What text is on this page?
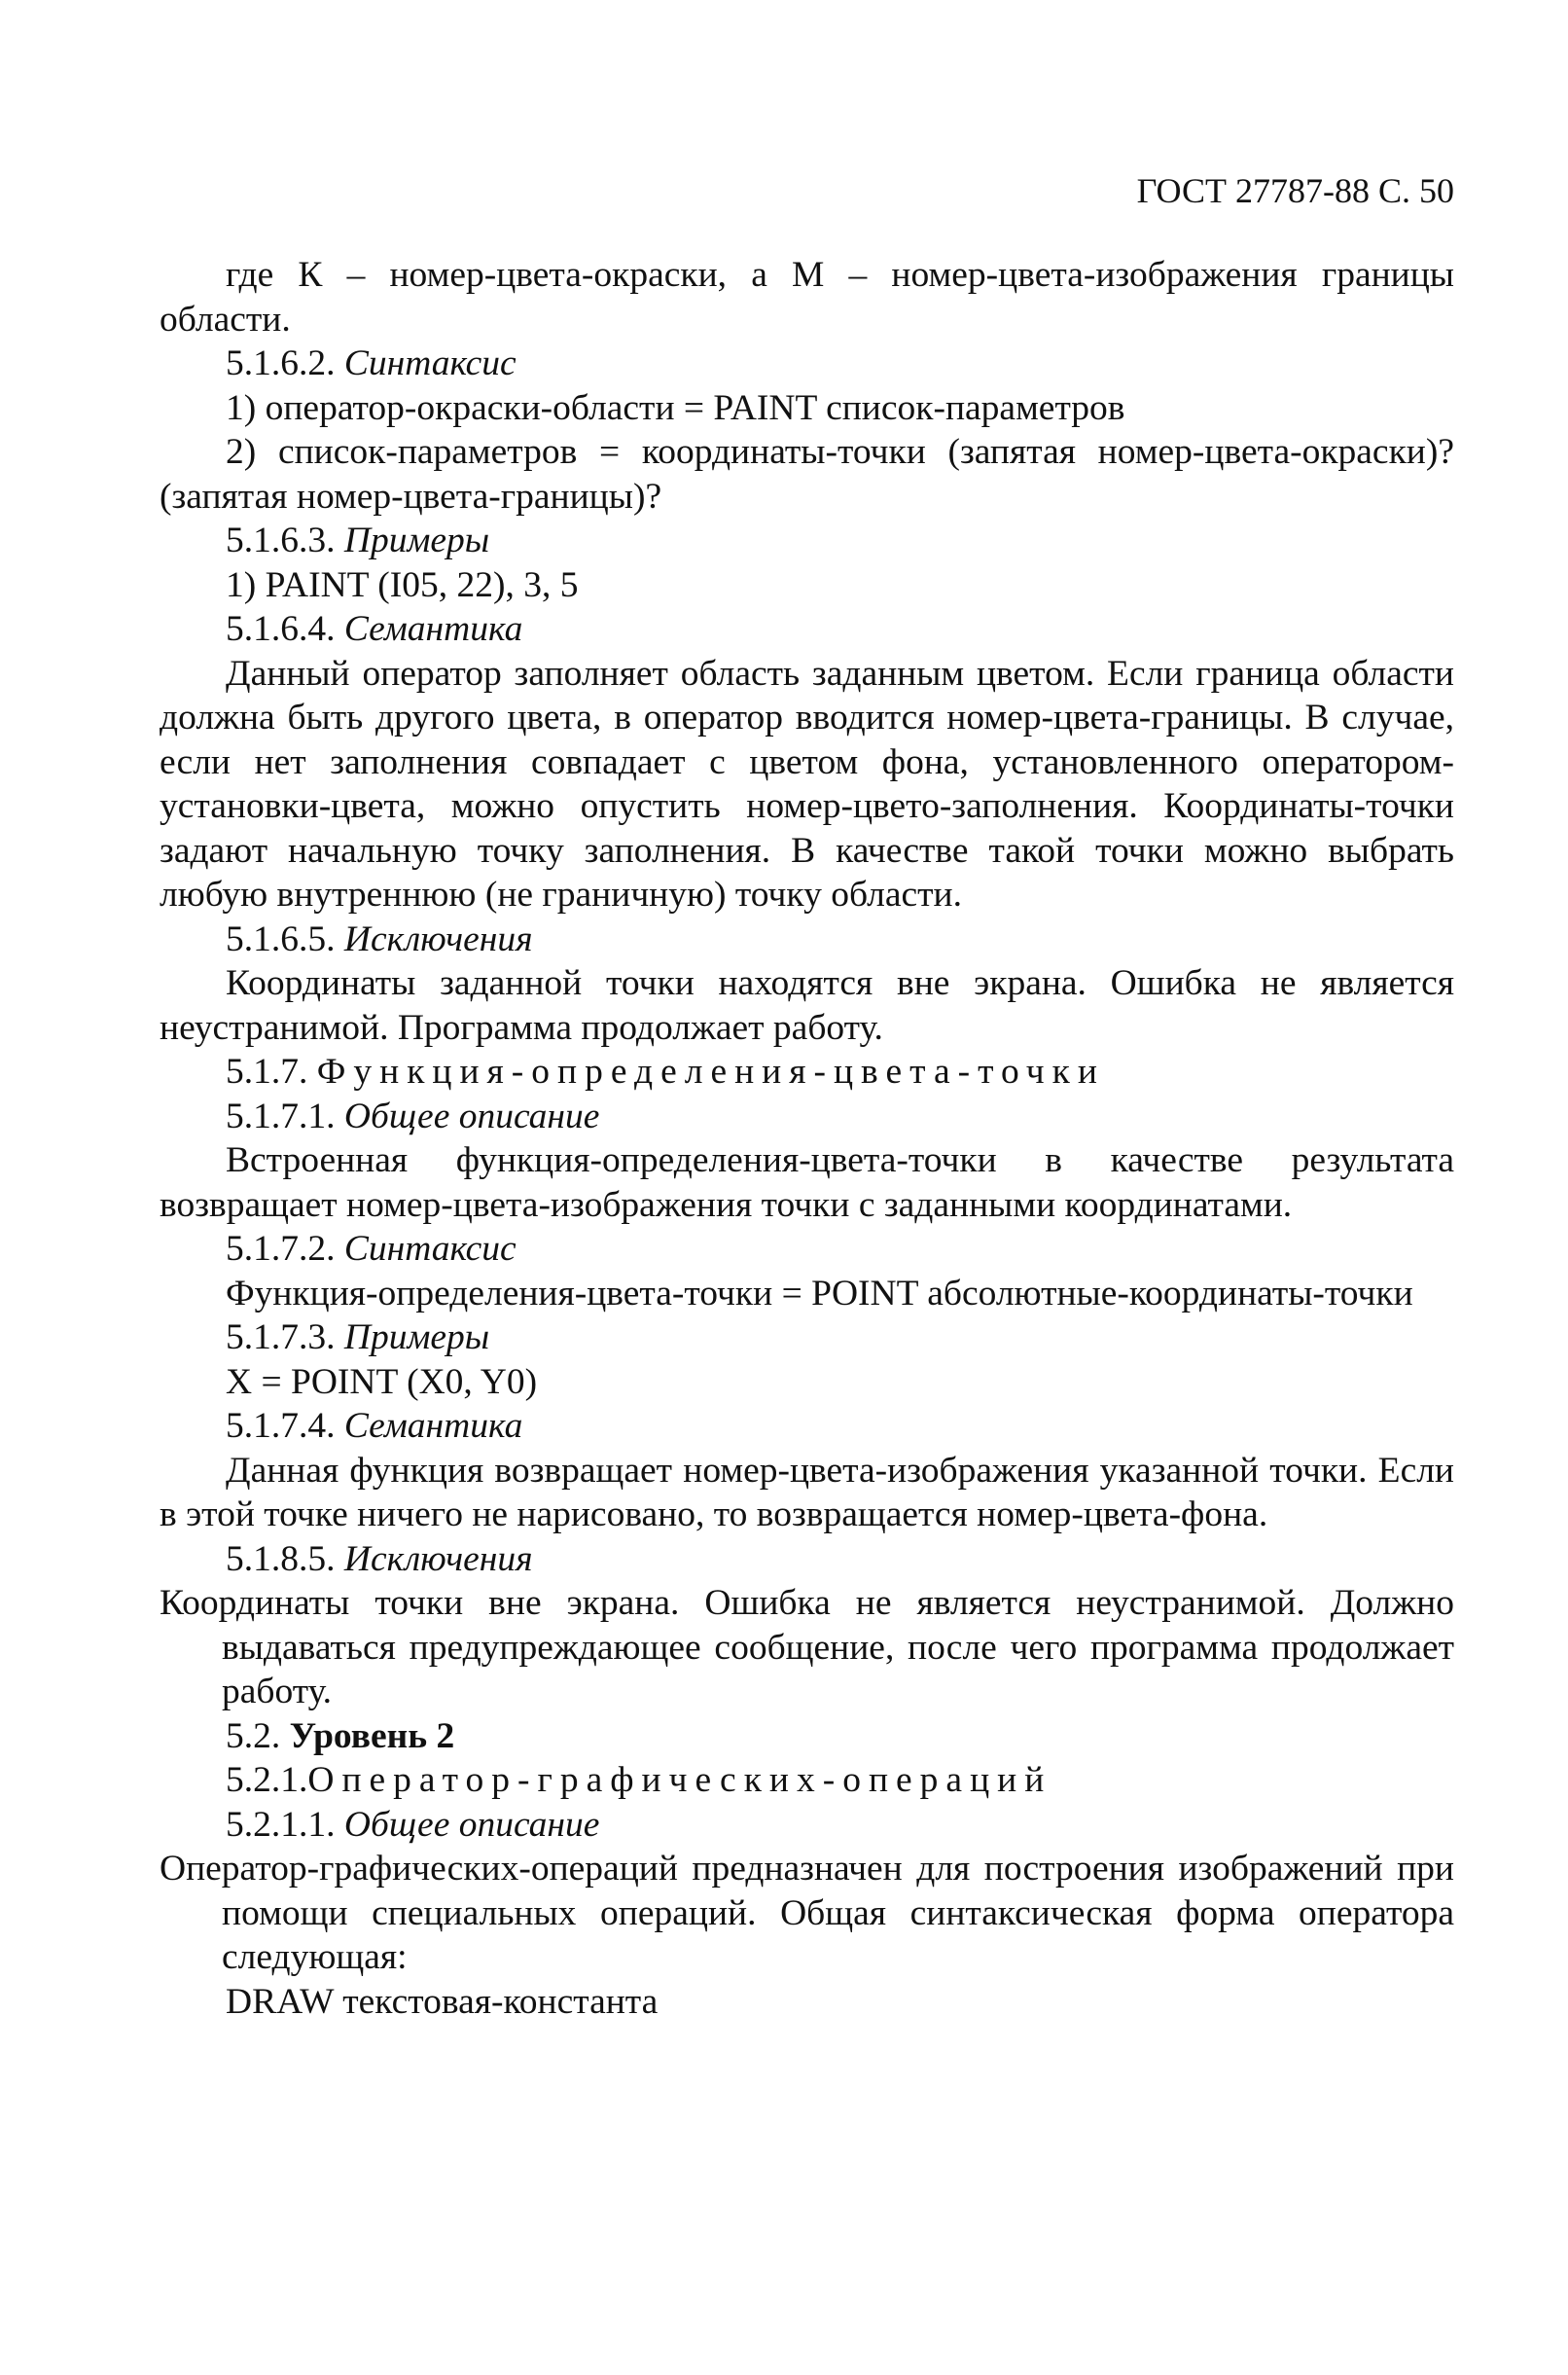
ГОСТ 27787-88 С. 50

где К – номер-цвета-окраски, а М – номер-цвета-изображения границы области.

5.1.6.2. Синтаксис

1) оператор-окраски-области = PAINT список-параметров

2) список-параметров = координаты-точки (запятая номер-цвета-окраски)? (запятая номер-цвета-границы)?

5.1.6.3. Примеры

1) PAINT (I05, 22), 3, 5

5.1.6.4. Семантика

Данный оператор заполняет область заданным цветом. Если граница области должна быть другого цвета, в оператор вводится номер-цвета-границы. В случае, если нет заполнения совпадает с цветом фона, установленного оператором-установки-цвета, можно опустить номер-цвето-заполнения. Координаты-точки задают начальную точку заполнения. В качестве такой точки можно выбрать любую внутреннюю (не граничную) точку области.

5.1.6.5. Исключения

Координаты заданной точки находятся вне экрана. Ошибка не является неустранимой. Программа продолжает работу.

5.1.7. Функция-определения-цвета-точки

5.1.7.1. Общее описание

Встроенная функция-определения-цвета-точки в качестве результата возвращает номер-цвета-изображения точки с заданными координатами.

5.1.7.2. Синтаксис

Функция-определения-цвета-точки = POINT абсолютные-координаты-точки

5.1.7.3. Примеры

X = POINT (X0, Y0)

5.1.7.4. Семантика

Данная функция возвращает номер-цвета-изображения указанной точки. Если в этой точке ничего не нарисовано, то возвращается номер-цвета-фона.

5.1.8.5. Исключения

Координаты точки вне экрана. Ошибка не является неустранимой. Должно выдаваться предупреждающее сообщение, после чего программа продолжает работу.

5.2. Уровень 2

5.2.1.Оператор-графических-операций

5.2.1.1. Общее описание

Оператор-графических-операций предназначен для построения изображений при помощи специальных операций. Общая синтаксическая форма оператора следующая:

DRAW текстовая-константа
